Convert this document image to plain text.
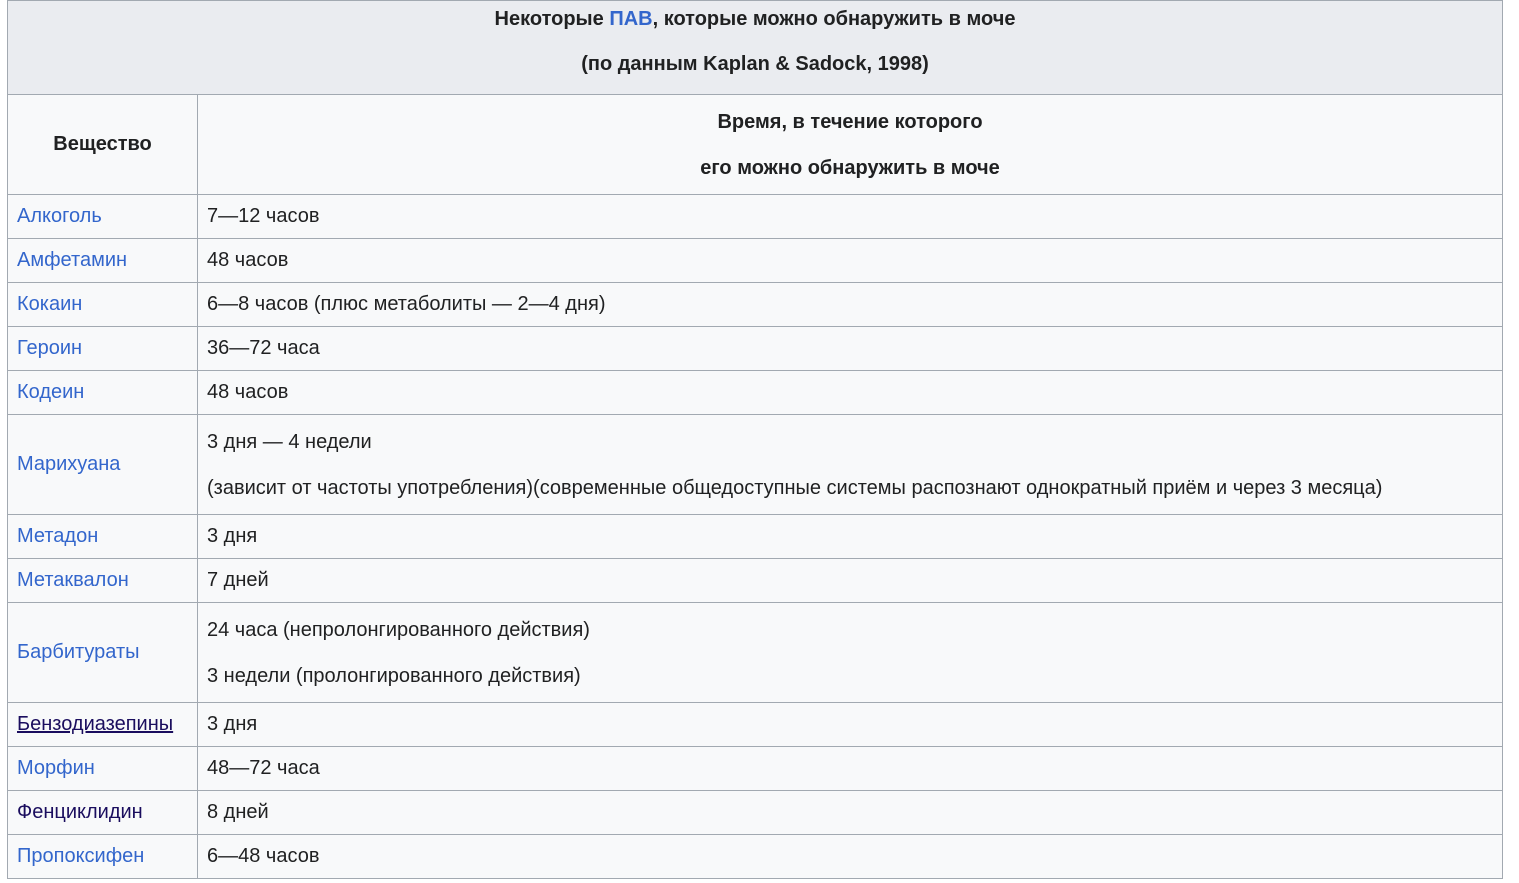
Некоторые ПАВ, которые можно обнаружить в моче
(по данным Kaplan & Sadock, 1998)	

Вещество	Время, в течение которого
его можно обнаружить в моче

Алкоголь	7—12 часов

Амфетамин	48 часов

Кокаин	6—8 часов (плюс метаболиты — 2—4 дня)

Героин	36—72 часа

Кодеин	48 часов

Марихуана	3 дня — 4 недели
(зависит от частоты употребления)(современные общедоступные системы распознают однократный приём и через 3 месяца)

Метадон	3 дня

Метаквалон	7 дней

Барбитураты	24 часа (непролонгированного действия)
3 недели (пролонгированного действия)

Бензодиазепины	3 дня

Морфин	48—72 часа

Фенциклидин	8 дней

Пропоксифен	6—48 часов
